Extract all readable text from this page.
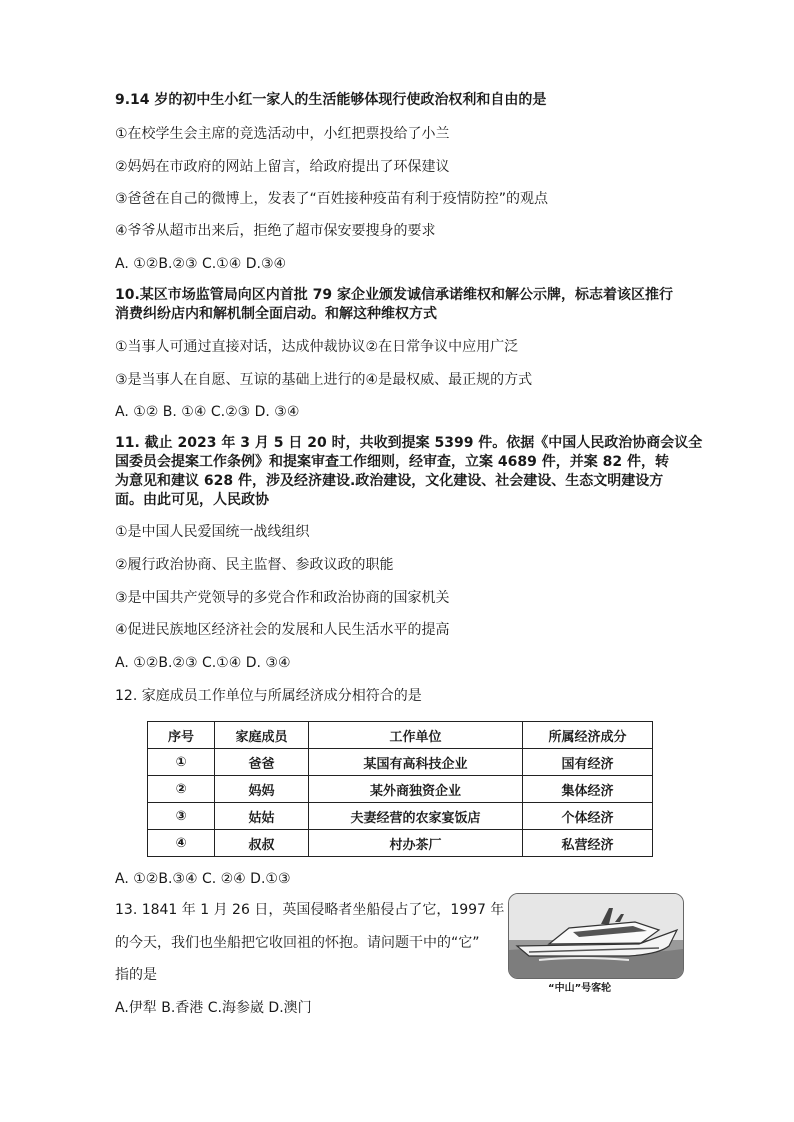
9.14 岁的初中生小红一家人的生活能够体现行使政治权利和自由的是
①在校学生会主席的竞选活动中，小红把票投给了小兰
②妈妈在市政府的网站上留言，给政府提出了环保建议
③爸爸在自己的微博上，发表了“百姓接种疫苗有利于疫情防控”的观点
④爷爷从超市出来后，拒绝了超市保安要搜身的要求
A. ①②B.②③ C.①④ D.③④
10.某区市场监管局向区内首批 79 家企业颁发诚信承诺维权和解公示牌，标志着该区推行
消费纠纷店内和解机制全面启动。和解这种维权方式
①当事人可通过直接对话，达成仲裁协议②在日常争议中应用广泛
③是当事人在自愿、互谅的基础上进行的④是最权威、最正规的方式
A. ①② B. ①④ C.②③ D. ③④
11. 截止 2023 年 3 月 5 日 20 时，共收到提案 5399 件。依据《中国人民政治协商会议全
国委员会提案工作条例》和提案审查工作细则，经审查，立案 4689 件，并案 82 件，转
为意见和建议 628 件，涉及经济建设.政治建设，文化建设、社会建设、生态文明建设方
面。由此可见，人民政协
①是中国人民爱国统一战线组织
②履行政治协商、民主监督、参政议政的职能
③是中国共产党领导的多党合作和政治协商的国家机关
④促进民族地区经济社会的发展和人民生活水平的提高
A. ①②B.②③ C.①④ D. ③④
12. 家庭成员工作单位与所属经济成分相符合的是
序号	家庭成员	工作单位	所属经济成分
①	爸爸	某国有高科技企业	国有经济
②	妈妈	某外商独资企业	集体经济
③	姑姑	夫妻经营的农家宴饭店	个体经济
④	叔叔	村办茶厂	私营经济
A. ①②B.③④ C. ②④ D.①③
13. 1841 年 1 月 26 日，英国侵略者坐船侵占了它，1997 年
的今天，我们也坐船把它收回祖的怀抱。请问题干中的“它”
指的是
A.伊犁 B.香港 C.海参崴 D.澳门
“中山”号客轮
